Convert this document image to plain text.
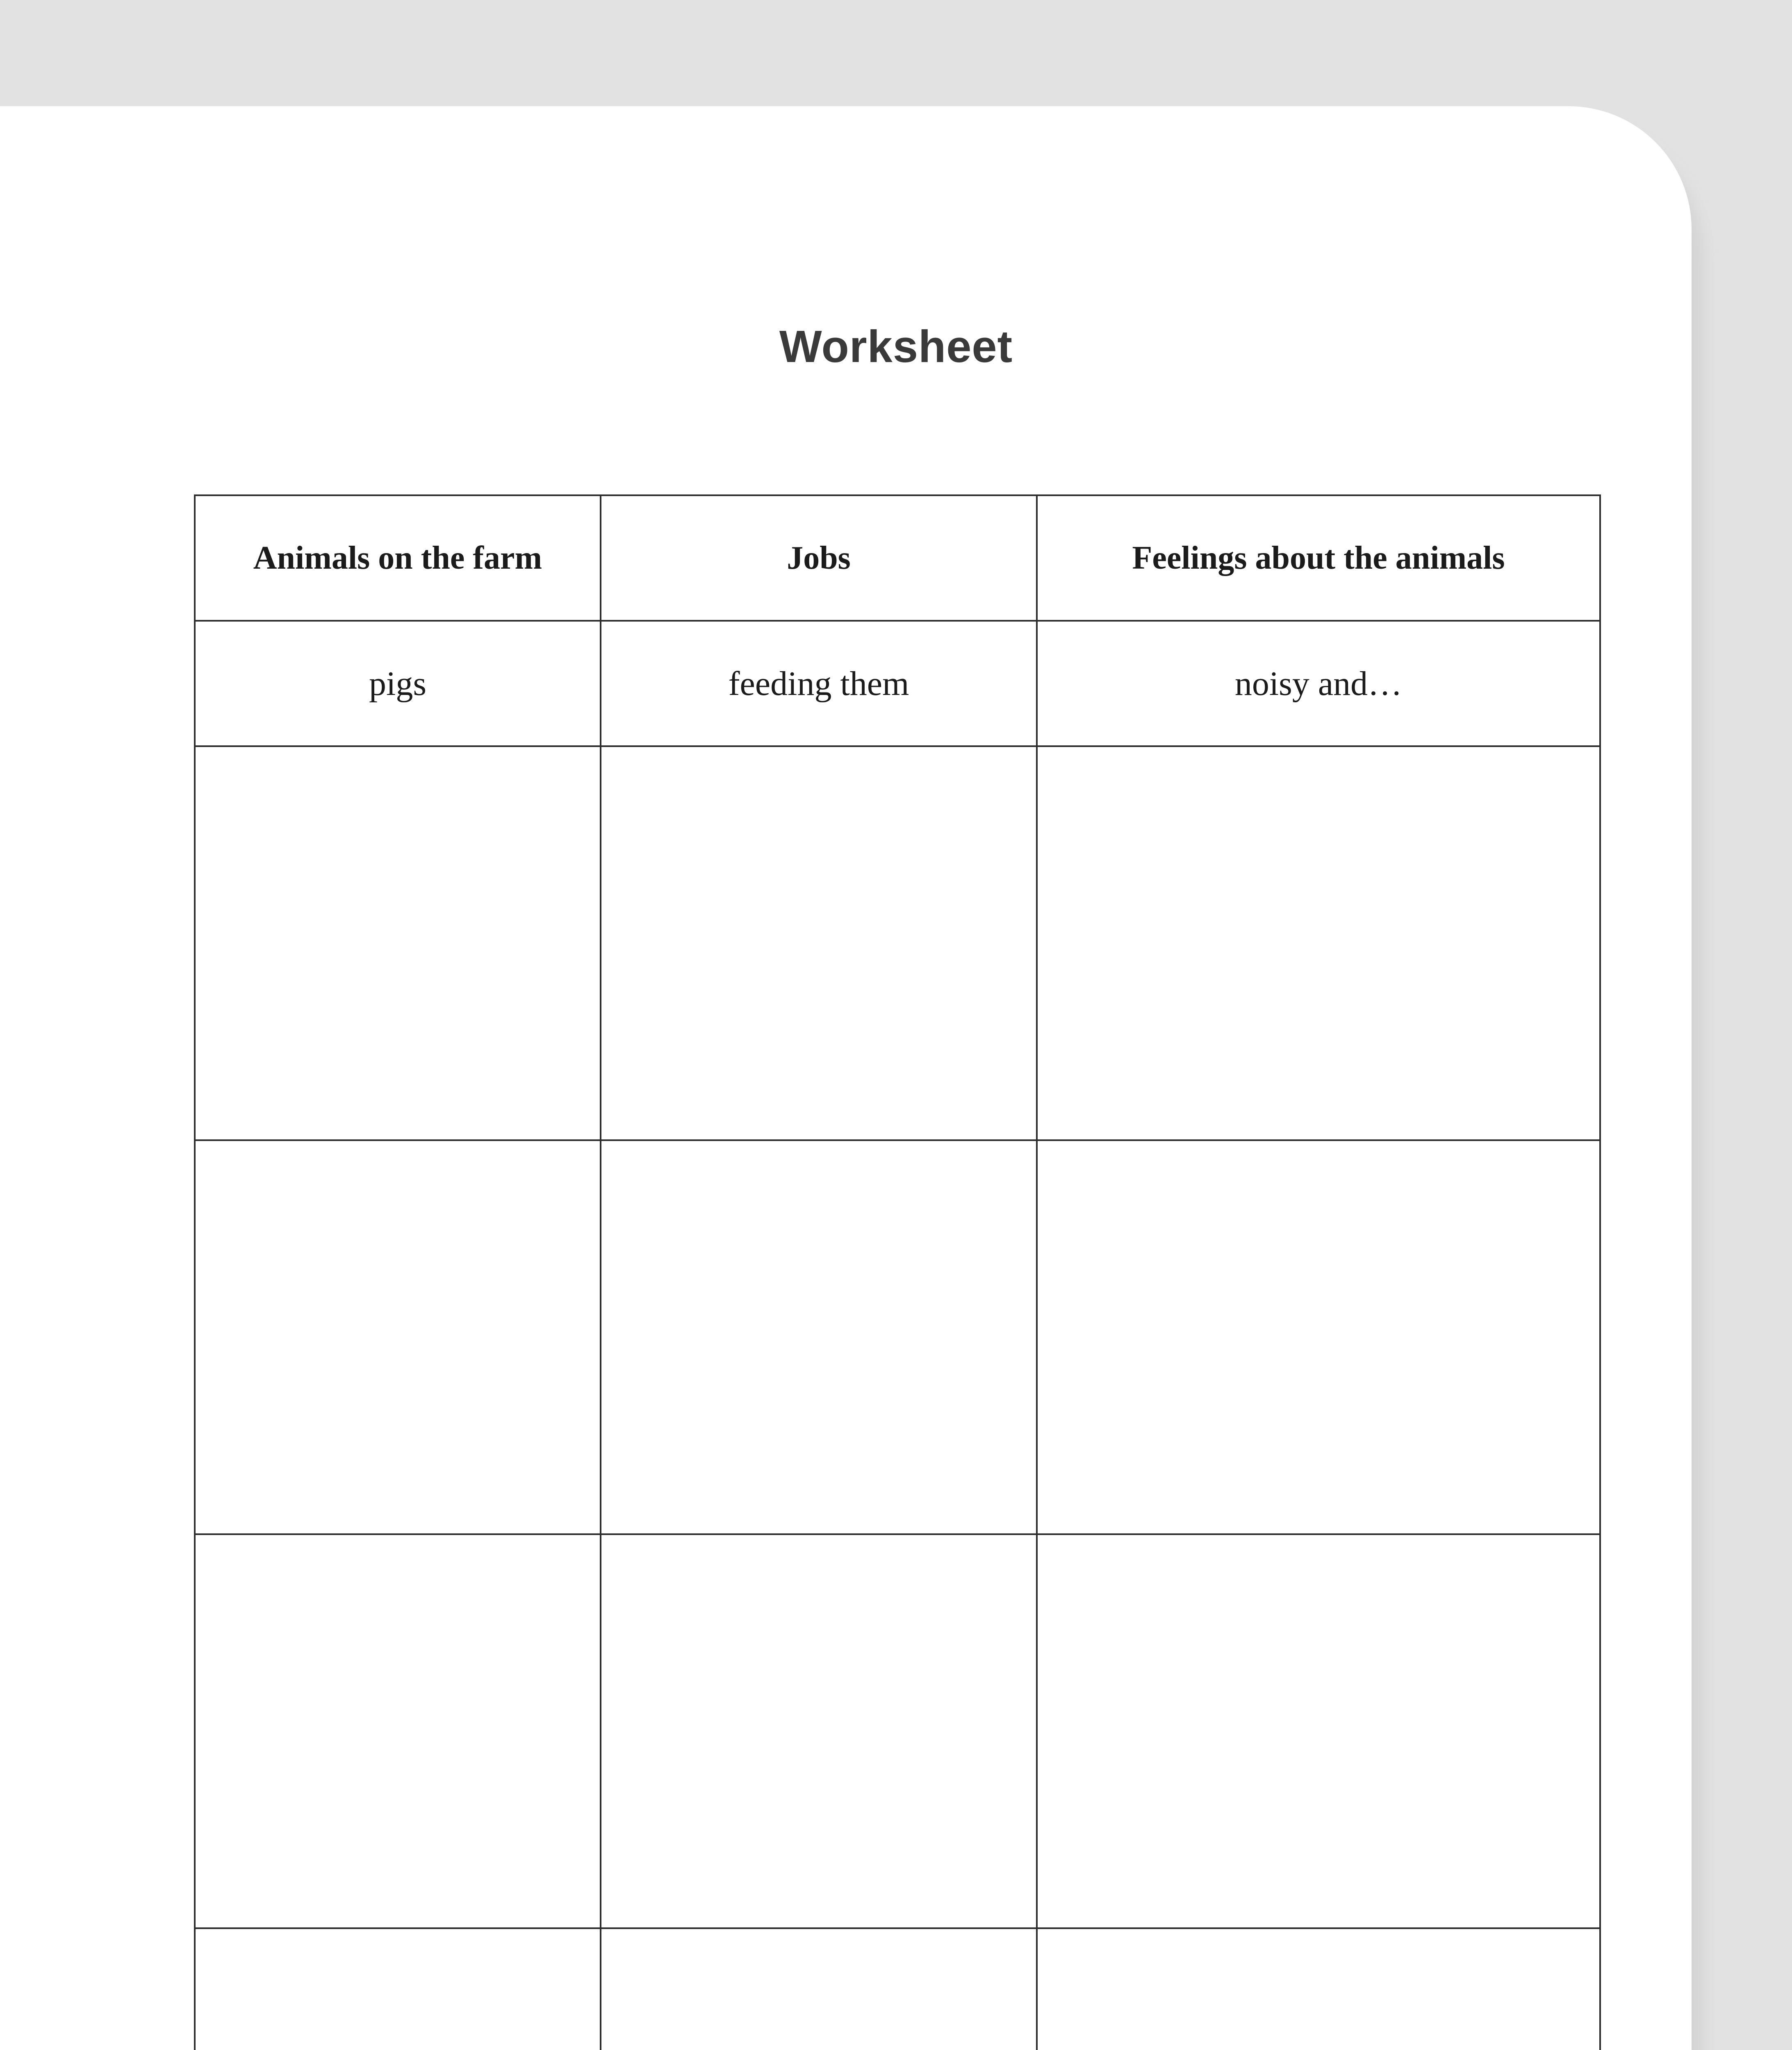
Worksheet
Animals on the farm	Jobs	Feelings about the animals
pigs	feeding them	noisy and…
